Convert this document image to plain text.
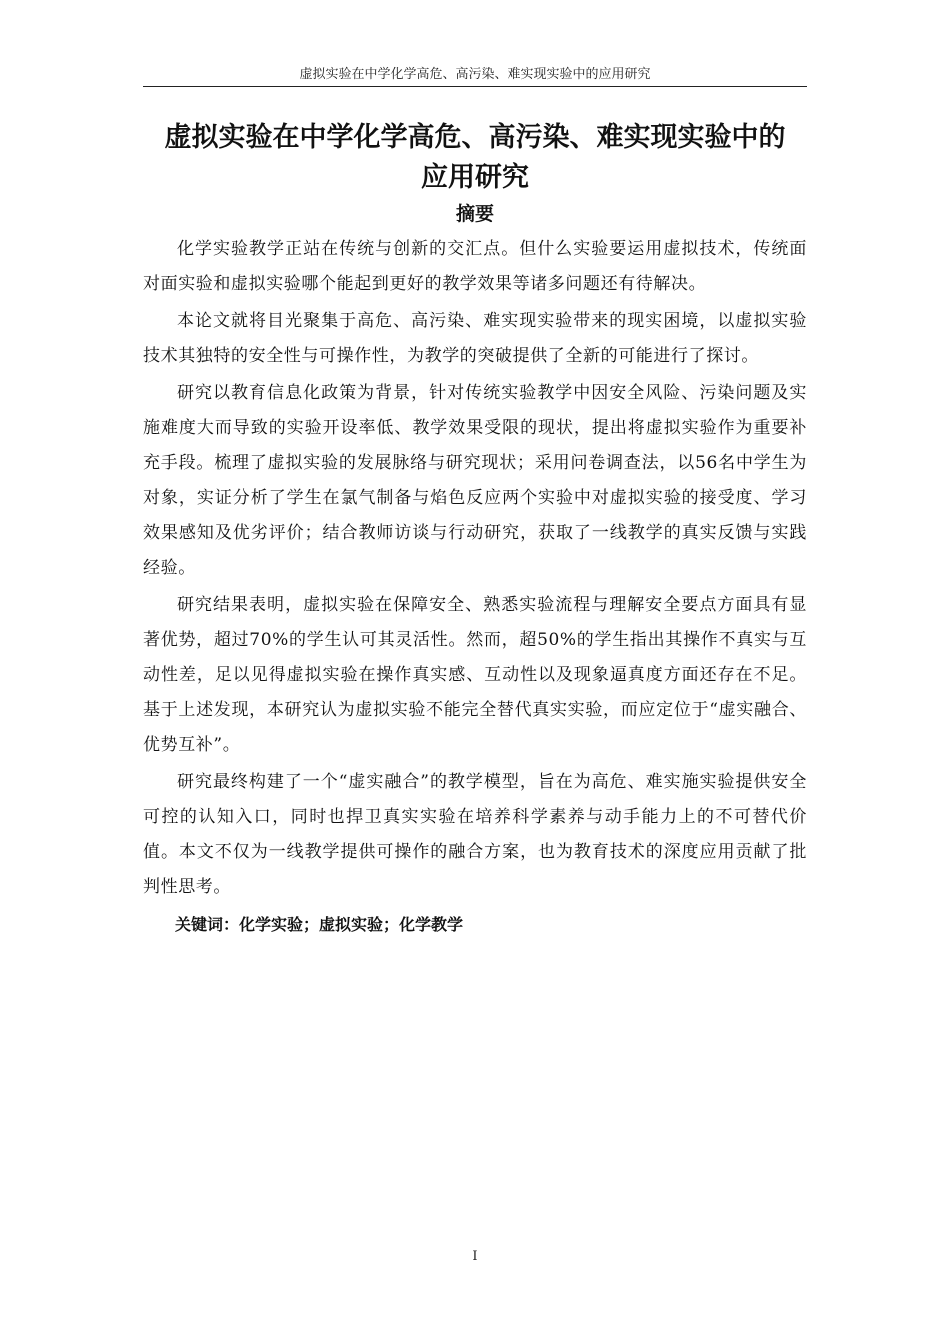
虚拟实验在中学化学高危、高污染、难实现实验中的应用研究
虚拟实验在中学化学高危、高污染、难实现实验中的
应用研究
摘要

化学实验教学正站在传统与创新的交汇点。但什么实验要运用虚拟技术，传统面对面实验和虚拟实验哪个能起到更好的教学效果等诸多问题还有待解决。

本论文就将目光聚集于高危、高污染、难实现实验带来的现实困境，以虚拟实验技术其独特的安全性与可操作性，为教学的突破提供了全新的可能进行了探讨。

研究以教育信息化政策为背景，针对传统实验教学中因安全风险、污染问题及实施难度大而导致的实验开设率低、教学效果受限的现状，提出将虚拟实验作为重要补充手段。梳理了虚拟实验的发展脉络与研究现状；采用问卷调查法，以56名中学生为对象，实证分析了学生在氯气制备与焰色反应两个实验中对虚拟实验的接受度、学习效果感知及优劣评价；结合教师访谈与行动研究，获取了一线教学的真实反馈与实践经验。

研究结果表明，虚拟实验在保障安全、熟悉实验流程与理解安全要点方面具有显著优势，超过70%的学生认可其灵活性。然而，超50%的学生指出其操作不真实与互动性差，足以见得虚拟实验在操作真实感、互动性以及现象逼真度方面还存在不足。基于上述发现，本研究认为虚拟实验不能完全替代真实实验，而应定位于“虚实融合、优势互补”。

研究最终构建了一个“虚实融合”的教学模型，旨在为高危、难实施实验提供安全可控的认知入口，同时也捍卫真实实验在培养科学素养与动手能力上的不可替代价值。本文不仅为一线教学提供可操作的融合方案，也为教育技术的深度应用贡献了批判性思考。

关键词：化学实验；虚拟实验；化学教学

I
